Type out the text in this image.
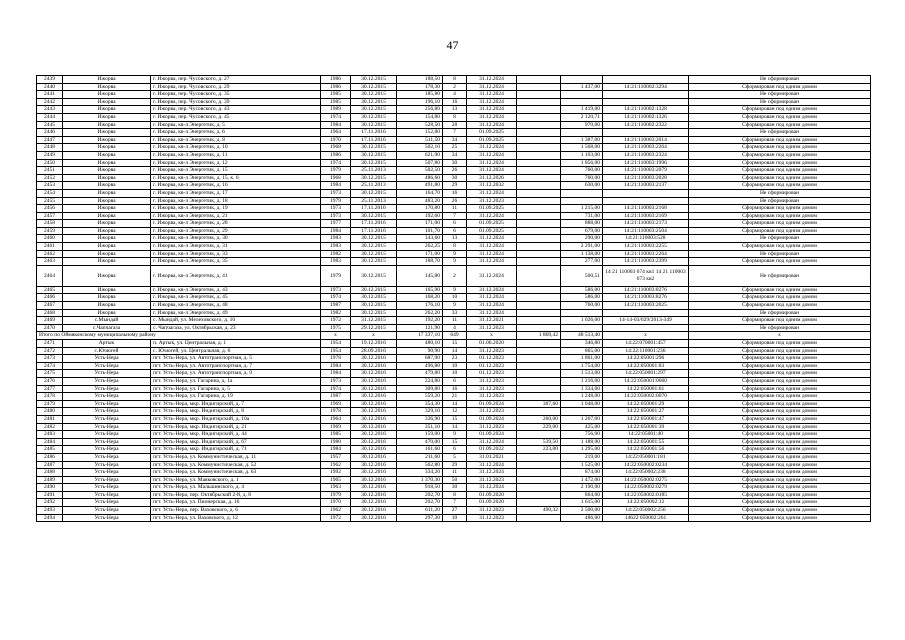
47
2439	Ижорва	г. Ижорва, пер. Чусовского, д. 27	1986	30.12.2015	188,50	8	31.12.2024				Не сформирован
2440	Ижорва	г. Ижорва, пер. Чусовского, д. 29	1986	30.12.2015	178,30	2	31.12.2024		1 437,00	14:21:110002:3294	Сформирован под одним домом
2441	Ижорва	г. Ижорва, пер. Чусовского, д. 35	1985	30.12.2015	185,80	4	31.12.2024				Не сформирован
2442	Ижорва	г. Ижорва, пер. Чусовского, д. 39	1985	30.12.2015	196,10	16	31.12.2024				Не сформирован
2443	Ижорва	г. Ижорва, пер. Чусовского, д. 43	1989	30.12.2015	256,80	13	31.12.2024		1 419,00	14:21:110002:1328	Сформирован под одним домом
2444	Ижорва	г. Ижорва, пер. Чусовского, д. 45	1974	30.12.2015	154,80	8	31.12.2024		2 120,71	14:21:110002:1326	Сформирован под одним домом
2445	Ижорва	г. Ижорва, кв-л Энергетик, д. 5	1984	30.12.2015	528,50	28	31.12.2024		970,00	14:21:110002:2322	Сформирован под одним домом
2446	Ижорва	г. Ижорва, кв-л Энергетик, д. 6	1964	17.11.2016	152,80	7	01.09.2025				Не сформирован
2447	Ижорва	г. Ижорва, кв-л Энергетик, д. 8	1970	17.11.2016	511,50	34	01.09.2025		1 387,00	14:21:110003:2014	Сформирован под одним домом
2448	Ижорва	г. Ижорва, кв-л Энергетик, д. 10	1968	30.12.2015	502,10	25	31.12.2024		1 568,00	14:21:110003:2264	Сформирован под одним домом
2449	Ижорва	г. Ижорва, кв-л Энергетик, д. 11	1986	30.12.2015	621,90	34	31.12.2024		1 103,00	14:21:110003:2324	Сформирован под одним домом
2450	Ижорва	г. Ижорва, кв-л Энергетик, д. 12	1974	30.12.2015	507,80	30	31.12.2024		1 856,00	14:21:110003:1996	Сформирован под одним домом
2451	Ижорва	г. Ижорва, кв-л Энергетик, д. 15	1979	25.11.2013	502,50	26	31.12.2024		760,00	14:21:110003:2079	Сформирован под одним домом
2452	Ижорва	г. Ижорва, кв-л Энергетик, д. 15, к. 6	1968	30.12.2015	486,60	30	31.12.2026		760,00	14:21:110003:2028	Сформирован под одним домом
2453	Ижорва	г. Ижорва, кв-л Энергетик, д. 16	1984	25.11.2013	491,80	29	31.12.2032		630,00	14:21:110003:2137	Сформирован под одним домом
2454	Ижорва	г. Ижорва, кв-л Энергетик, д. 17	1973	30.12.2015	164,70	16	31.12.2024				Не сформирован
2455	Ижорва	г. Ижорва, кв-л Энергетик, д. 18	1979	25.11.2013	483,20	26	31.12.2023				Не сформирован
2456	Ижорва	г. Ижорва, кв-л Энергетик, д. 19	1973	17.11.2016	170,80	11	01.09.2025		1 215,00	14:21:110003:2168	Сформирован под одним домом
2457	Ижорва	г. Ижорва, кв-л Энергетик, д. 21	1973	30.12.2015	192,60	7	31.12.2024		731,00	14:21:110003:2169	Сформирован под одним домом
2458	Ижорва	г. Ижорва, кв-л Энергетик, д. 28	1977	17.11.2016	171,00	6	01.09.2025		888,00	14:21:110003:2173	Сформирован под одним домом
2459	Ижорва	г. Ижорва, кв-л Энергетик, д. 29	1984	17.11.2016	101,70	6	01.09.2025		679,00	14:21:110003:2504	Сформирован под одним домом
2460	Ижорва	г. Ижорва, кв-л Энергетик, д. 30	1983	30.12.2015	143,60	13	31.12.2024		290,00	14:21:110003:528	Не сформирован
2461	Ижорва	г. Ижорва, кв-л Энергетик, д. 31	1983	30.12.2015	262,25	8	31.12.2024		2 291,00	14:21:110003:2255	Сформирован под одним домом
2462	Ижорва	г. Ижорва, кв-л Энергетик, д. 33	1982	30.12.2015	171,00	9	31.12.2024		1 138,00	14:21:110003:2264	Не сформирован
2463	Ижорва	г. Ижорва, кв-л Энергетик, д. 35	1983	30.12.2015	188,70	9	31.12.2024		277,00	14:21:110003:2399	Сформирован под одним домом
2464	Ижорва	г. Ижорва, кв-л Энергетик, д. 41	1979	30.12.2015	145,80	2	31.12.2024		500,51	14 21 110003 674 кв1 14 21 110003 673 кв2	Не сформирован
2465	Ижорва	г. Ижорва, кв-л Энергетик, д. 43	1973	30.12.2015	165,90	9	31.12.2024		586,00	14:21:110003:8276	Сформирован под одним домом
2466	Ижорва	г. Ижорва, кв-л Энергетик, д. 45	1974	30.12.2015	168,20	10	31.12.2024		586,00	14:21:110003:8276	Сформирован под одним домом
2467	Ижорва	г. Ижорва, кв-л Энергетик, д. 48	1987	30.12.2015	176,10	9	31.12.2024		760,00	14:21:110003:2025	Сформирован под одним домом
2468	Ижорва	г. Ижорва, кв-л Энергетик, д. 49	1982	30.12.2015	262,20	33	31.12.2024				Не сформирован
2469	с.Мындай	с. Мындай, ул. Мелеховского, д. 10	1972	31.12.2015	192,20	11	31.12.2021		1 026,00	14-14-03/029/2013-349	Сформирован под одним домом
2470	с.Чапчагаза	с. Чапчагаза, ул. Октябрьская, д. 23	1975	29.12.2015	121,90	4	31.12.2023				Не сформирован
Итого по Оймяконскому муниципальному району			x	x	17 337,10	649	x	1 869,42	48 513,40	x	x
2471	Артык	п. Артык, ул. Центральная, д. 1	1954	19.12.2016	480,10	15	01.06.2020		346,80	14:22:070001:457	Сформирован под одним домом
2472	с.Ючюгей	с. Ючюгей, ул. Центральная, д. 6	1954	28.09.2016	90,90	14	31.12.2023		865,00	14:22:110001:236	Сформирован под одним домом
2473	Усть-Нера	пгт. Усть-Нера, ул. Автотранспортная, д. 5	1978	30.12.2016	687,90	23	01.12.2023		1 861,00	14:22:05001:296	Сформирован под одним домом
2474	Усть-Нера	пгт. Усть-Нера, ул. Автотранспортная, д. 7	1984	30.12.2016	496,80	10	01.12.2023		1 754,00	14:22:050001:83	Сформирован под одним домом
2475	Усть-Нера	пгт. Усть-Нера, ул. Автотранспортная, д. 9	1984	30.12.2016	479,80	10	01.12.2023		1 513,00	14:22:050001:297	Сформирован под одним домом
2476	Усть-Нера	пгт. Усть-Нера, ул. Гагарина, д. 1а	1973	30.12.2016	224,80	6	31.12.2023		1 216,00	14:22:050001:0060	Сформирован под одним домом
2477	Усть-Нера	пгт. Усть-Нера, ул. Гагарина, д. 5	1974	30.12.2016	309,80	16	31.12.2023		1 334,00	14:22:050001:61	Сформирован под одним домом
2478	Усть-Нера	пгт. Усть-Нера, ул. Гагарина, д. 19	1987	30.12.2016	559,20	21	31.12.2023		1 248,00	14:22:050002:0070	Сформирован под одним домом
2479	Усть-Нера	пгт. Усть-Нера, мкр. Индигирский, д. 7	1969	30.12.2016	354,30	14	01.09.2024	307,60	1 048,00	14:22:050001:29	Сформирован под одним домом
2480	Усть-Нера	пгт. Усть-Нера, мкр. Индигирский, д. 8	1978	30.12.2016	329,10	12	31.12.2023			14:22:050001:27	Сформирован под одним домом
2481	Усть-Нера	пгт. Усть-Нера, мкр. Индигирский, д. 10а	1964	30.12.2016	336,90	15	01.09.2024	260,00	1 267,00	14:22:050001:47	Сформирован под одним домом
2482	Усть-Нера	пгт. Усть-Нера, мкр. Индигирский, д. 21	1969	30.12.2016	351,10	14	31.12.2023	229,00	425,00	14:22:050001:39	Сформирован под одним домом
2483	Усть-Нера	пгт. Усть-Нера, мкр. Индигирский, д. 44	1985	30.12.2016	159,00	9	01.09.2024		756,00	14:22:05001:40	Сформирован под одним домом
2484	Усть-Нера	пгт. Усть-Нера, мкр. Индигирский, д. 67	1980	30.12.2016	470,00	15	31.12.2024	539,50	1 188,00	14:22:050001:55	Сформирован под одним домом
2485	Усть-Нера	пгт. Усть-Нера, мкр. Индигирский, д. 71	1984	30.12.2016	161,60	6	01.09.2022	223,00	1 295,00	14:22:050001:56	Сформирован под одним домом
2486	Усть-Нера	пгт. Усть-Нера, ул. Коммунистическая, д. 11	1957	30.12.2016	211,60	5	31.01.2021		219,00	14:22:050001:181	Сформирован под одним домом
2487	Усть-Нера	пгт. Усть-Нера, ул. Коммунистическая, д. 52	1962	30.12.2016	562,80	29	31.12.2024		1 525,00	14:22:050002:0234	Сформирован под одним домом
2488	Усть-Нера	пгт. Усть-Нера, ул. Коммунистическая, д. 63	1992	30.12.2016	334,20	11	31.12.2024		874,00	14:22:050002:238	Сформирован под одним домом
2489	Усть-Нера	пгт. Усть-Нера, ул. Маяковского, д. 1	1965	30.12.2016	1 370,30	50	31.12.2023		1 472,00	14:22:050002:0275	Сформирован под одним домом
2490	Усть-Нера	пгт. Усть-Нера, ул. Мальшинского, д. 4	1963	30.12.2016	918,50	30	31.12.2024		2 190,00	14:22:050002:0279	Сформирован под одним домом
2491	Усть-Нера	пгт. Усть-Нера, пер. Октябрьский 2-й, д. 8	1979	30.12.2016	202,70	8	01.09.2020		864,00	14:22:050002:0185	Сформирован под одним домом
2492	Усть-Нера	пгт. Усть-Нера, ул. Пионерская, д. 16	1970	30.12.2016	202,70	7	01.09.2020		1 615,00	14:22:050002:12	Сформирован под одним домом
2493	Усть-Нера	пгт. Усть-Нера, пер. Ваховского, д. 6	1962	30.12.2016	611,20	27	31.12.2023	490,32	2 500,00	14:22:050002:256	Сформирован под одним домом
2494	Усть-Нера	пгт. Усть-Нера, ул. Ваховского, д. 12	1972	30.12.2016	297,30	10	31.12.2023		486,00	14622 050002:261	Сформирован под одним домом
